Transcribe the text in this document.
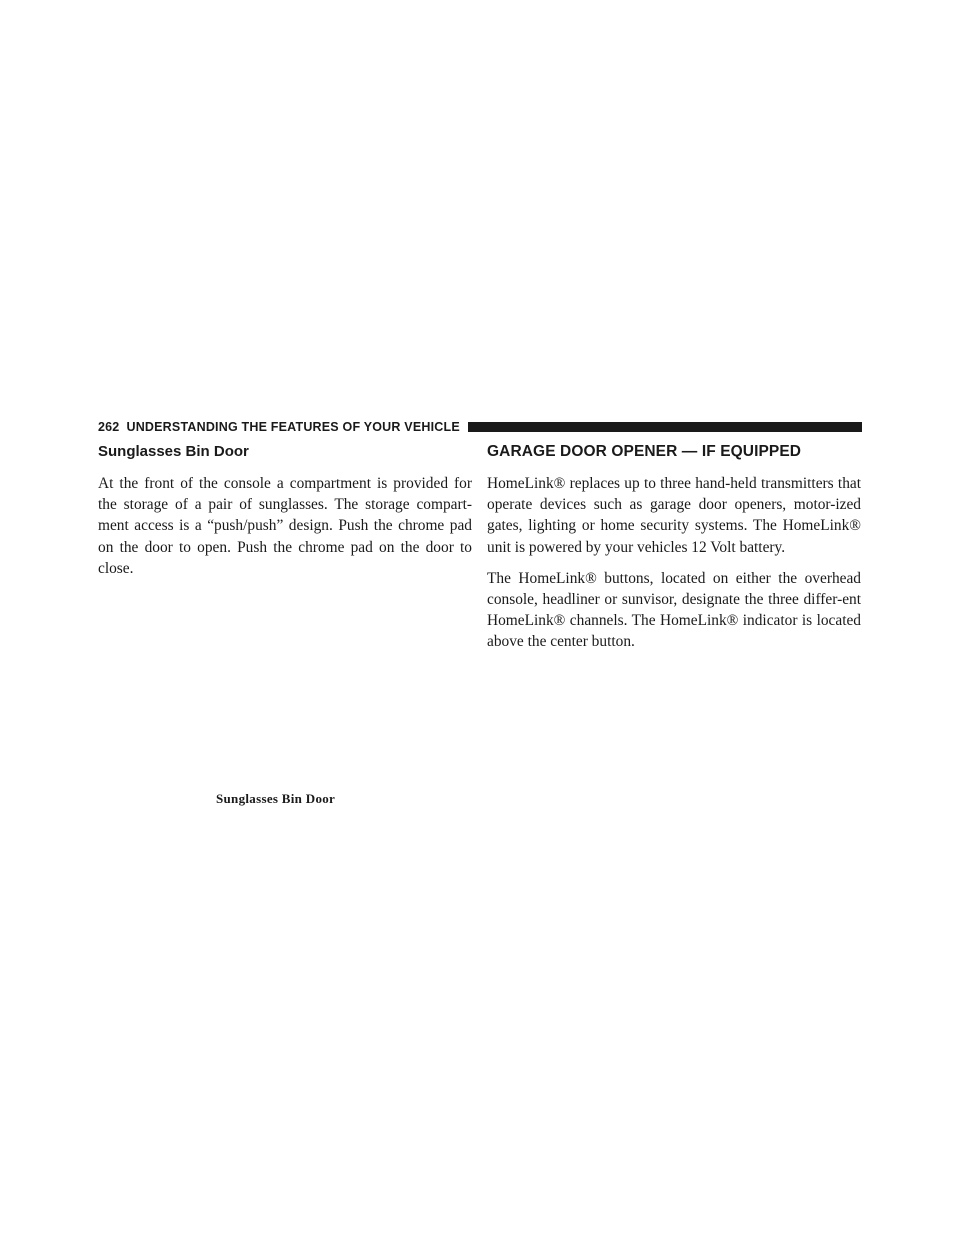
262 UNDERSTANDING THE FEATURES OF YOUR VEHICLE
Sunglasses Bin Door

At the front of the console a compartment is provided for the storage of a pair of sunglasses. The storage compart-ment access is a “push/push” design. Push the chrome pad on the door to open. Push the chrome pad on the door to close.

Sunglasses Bin Door
GARAGE DOOR OPENER — IF EQUIPPED

HomeLink® replaces up to three hand-held transmitters that operate devices such as garage door openers, motor-ized gates, lighting or home security systems. The HomeLink® unit is powered by your vehicles 12 Volt battery.

The HomeLink® buttons, located on either the overhead console, headliner or sunvisor, designate the three differ-ent HomeLink® channels. The HomeLink® indicator is located above the center button.
